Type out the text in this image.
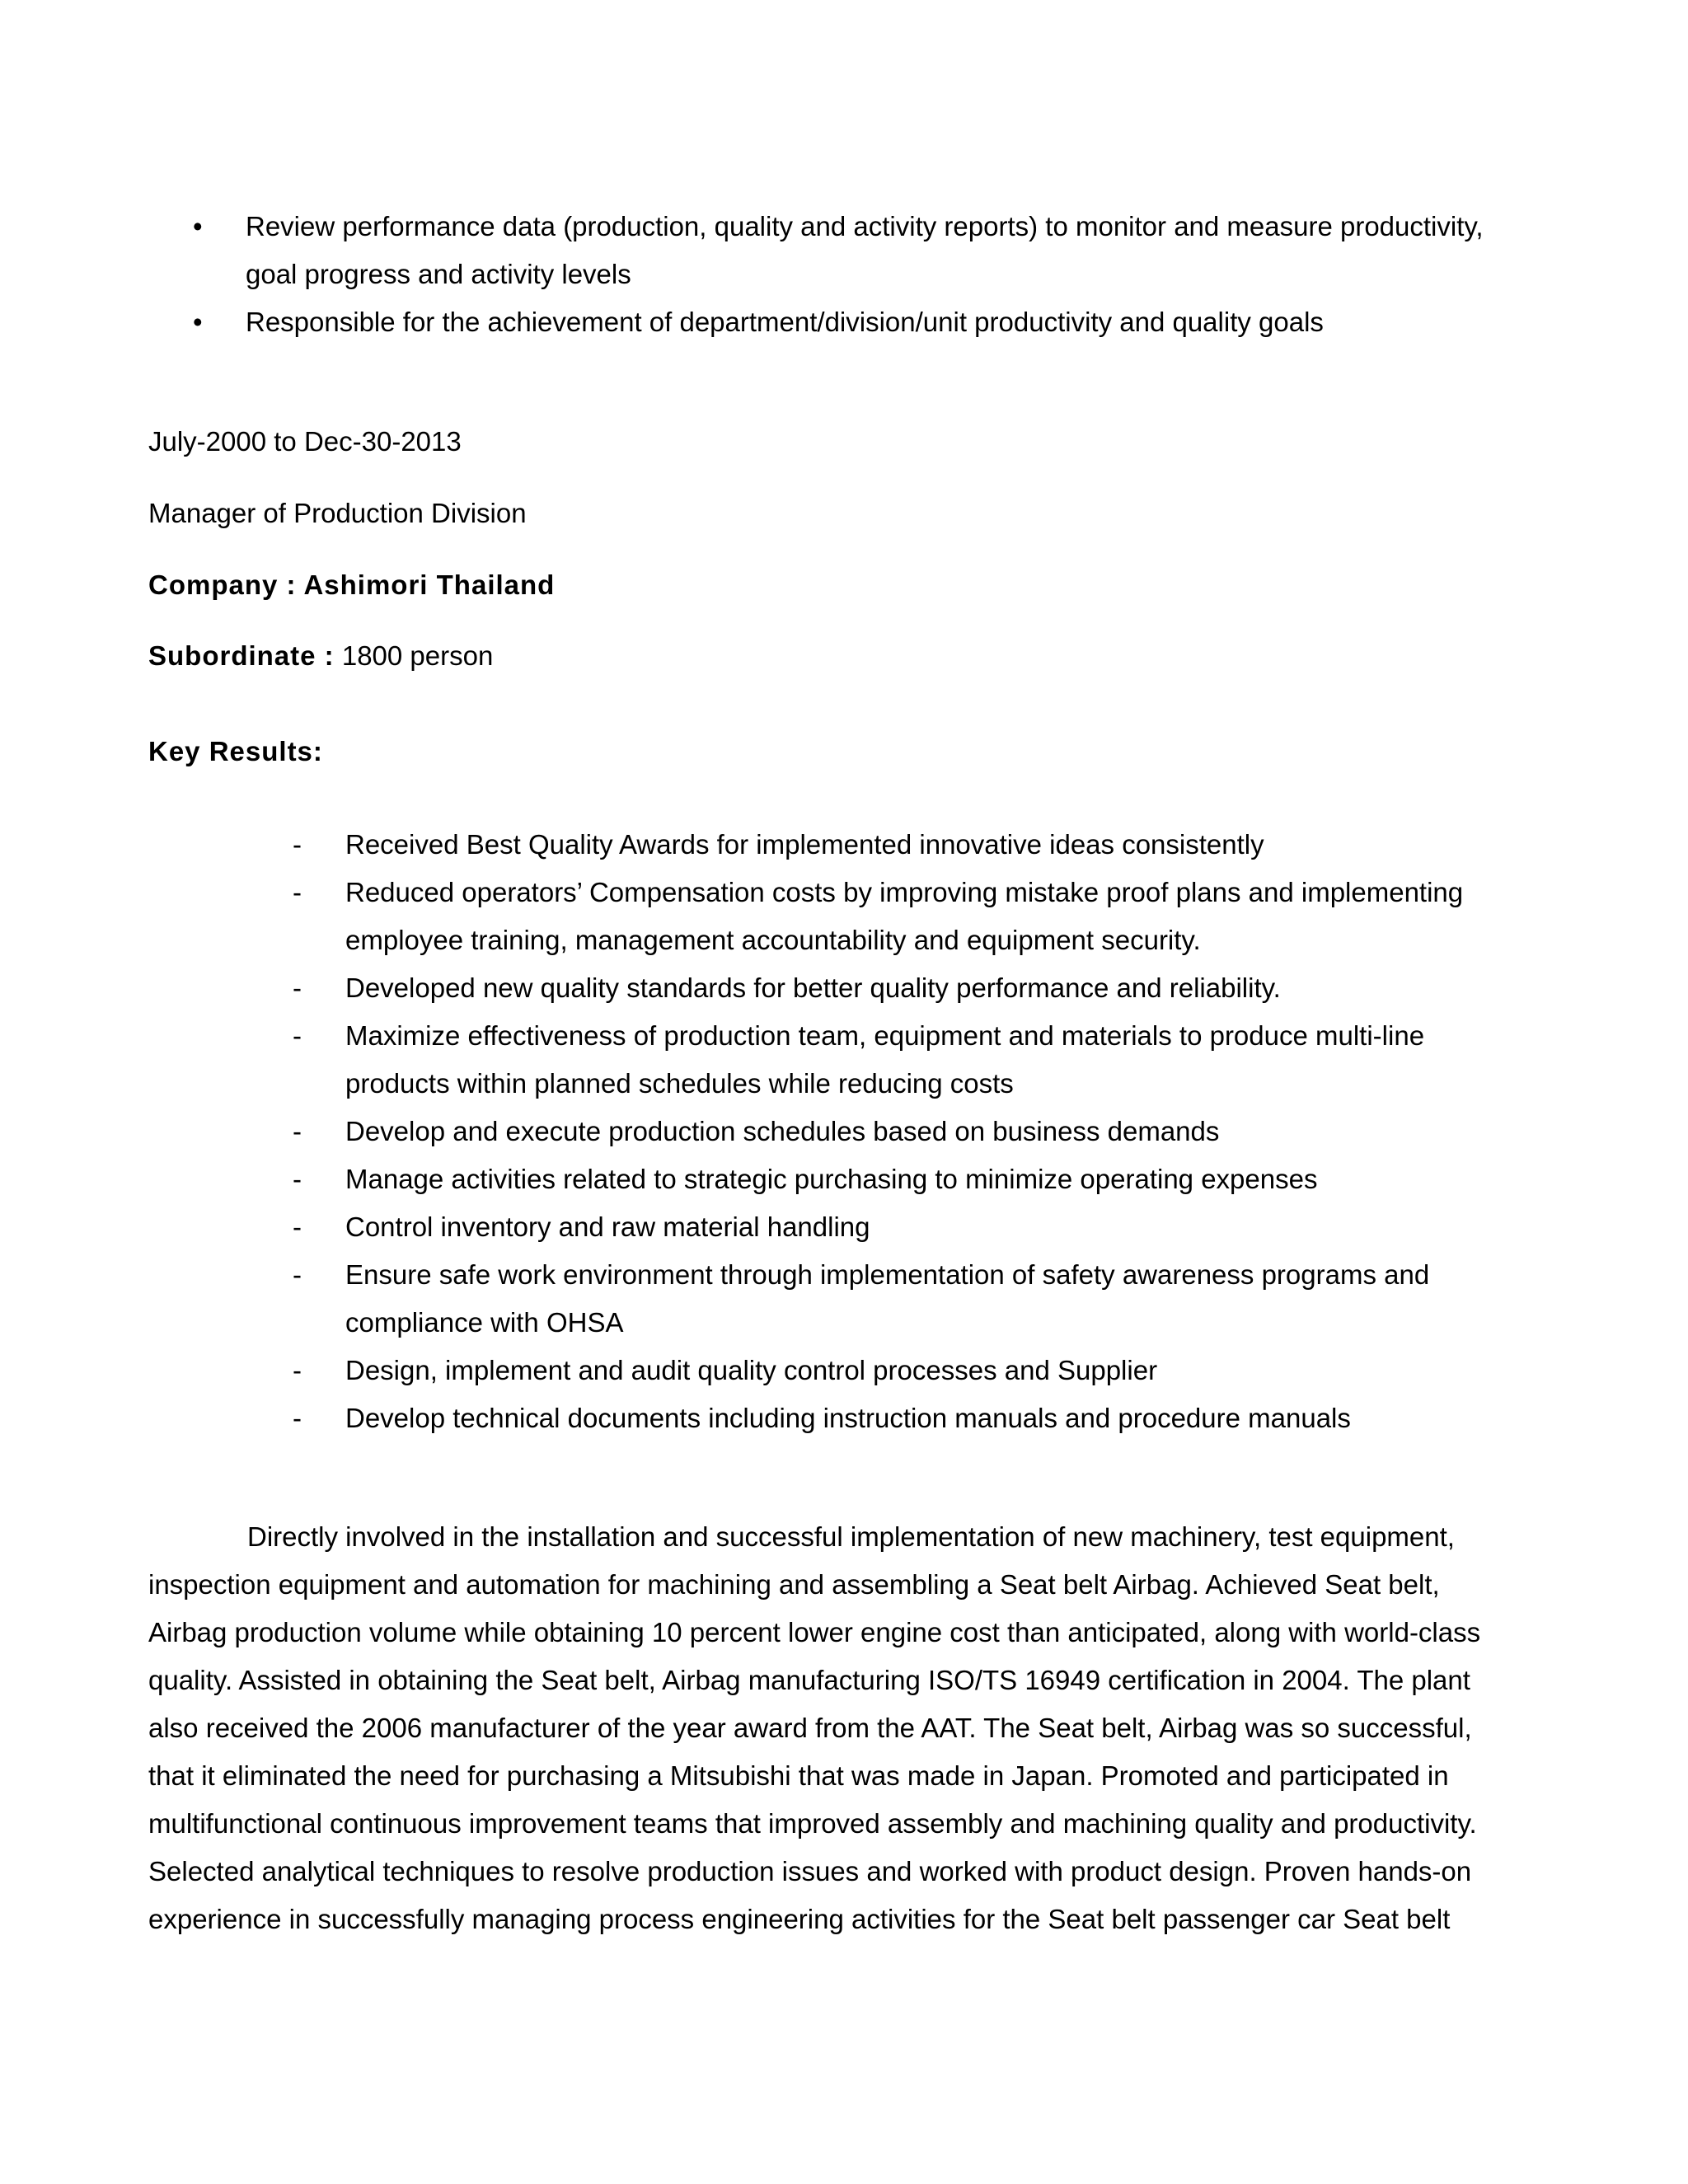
• Review performance data (production, quality and activity reports) to monitor and measure productivity,
goal progress and activity levels
• Responsible for the achievement of department/division/unit productivity and quality goals
July-2000 to Dec-30-2013
Manager of Production Division
Company : Ashimori Thailand
Subordinate : 1800 person
Key Results:
- Received Best Quality Awards for implemented innovative ideas consistently
- Reduced operators’ Compensation costs by improving mistake proof plans and implementing
employee training, management accountability and equipment security.
- Developed new quality standards for better quality performance and reliability.
- Maximize effectiveness of production team, equipment and materials to produce multi-line
products within planned schedules while reducing costs
- Develop and execute production schedules based on business demands
- Manage activities related to strategic purchasing to minimize operating expenses
- Control inventory and raw material handling
- Ensure safe work environment through implementation of safety awareness programs and
compliance with OHSA
- Design, implement and audit quality control processes and Supplier
- Develop technical documents including instruction manuals and procedure manuals
Directly involved in the installation and successful implementation of new machinery, test equipment,
inspection equipment and automation for machining and assembling a Seat belt Airbag. Achieved Seat belt,
Airbag production volume while obtaining 10 percent lower engine cost than anticipated, along with world-class
quality. Assisted in obtaining the Seat belt, Airbag manufacturing ISO/TS 16949 certification in 2004. The plant
also received the 2006 manufacturer of the year award from the AAT. The Seat belt, Airbag was so successful,
that it eliminated the need for purchasing a Mitsubishi that was made in Japan. Promoted and participated in
multifunctional continuous improvement teams that improved assembly and machining quality and productivity.
Selected analytical techniques to resolve production issues and worked with product design. Proven hands-on
experience in successfully managing process engineering activities for the Seat belt passenger car Seat belt
